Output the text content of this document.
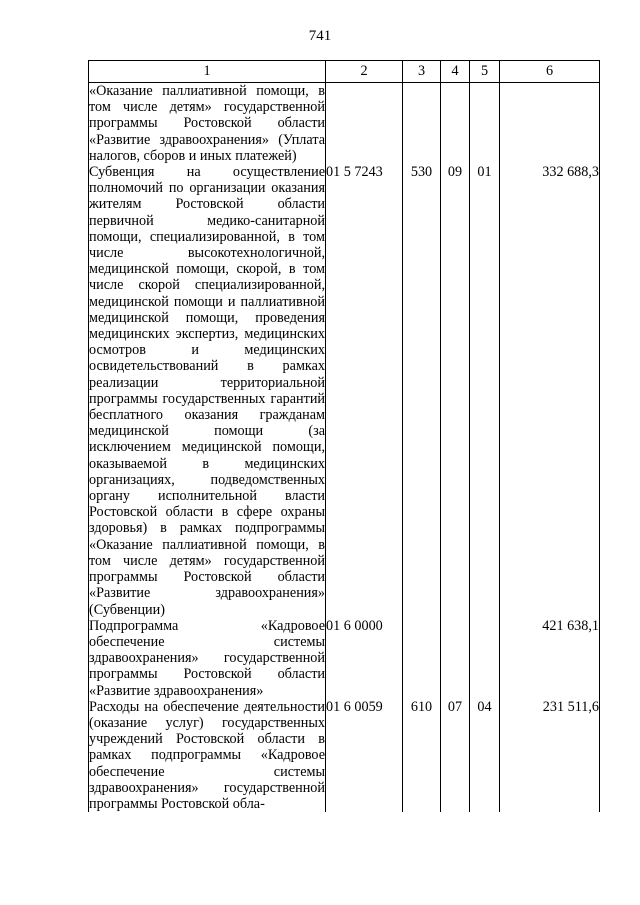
741
1	2	3	4	5	6
«Оказание паллиативной помощи, в том числе детям» государственной программы Ростовской области «Развитие здравоохранения» (Уплата налогов, сборов и иных платежей)					
Субвенция на осуществление полномочий по организации оказания жителям Ростовской области первичной медико-санитарной помощи, специализированной, в том числе высокотехнологичной, медицинской помощи, скорой, в том числе скорой специализированной, медицинской помощи и паллиативной медицинской помощи, проведения медицинских экспертиз, медицинских осмотров и медицинских освидетельствований в рамках реализации территориальной программы государственных гарантий бесплатного оказания гражданам медицинской помощи (за исключением медицинской помощи, оказываемой в медицинских организациях, подведомственных органу исполнительной власти Ростовской области в сфере охраны здоровья) в рамках подпрограммы «Оказание паллиативной помощи, в том числе детям» государственной программы Ростовской области «Развитие здравоохранения» (Субвенции)	01 5 7243	530	09	01	332 688,3
Подпрограмма «Кадровое обеспечение системы здравоохранения» государственной программы Ростовской области «Развитие здравоохранения»	01 6 0000				421 638,1
Расходы на обеспечение деятельности (оказание услуг) государственных учреждений Ростовской области в рамках подпрограммы «Кадровое обеспечение системы здравоохранения» государственной программы Ростовской обла-	01 6 0059	610	07	04	231 511,6
